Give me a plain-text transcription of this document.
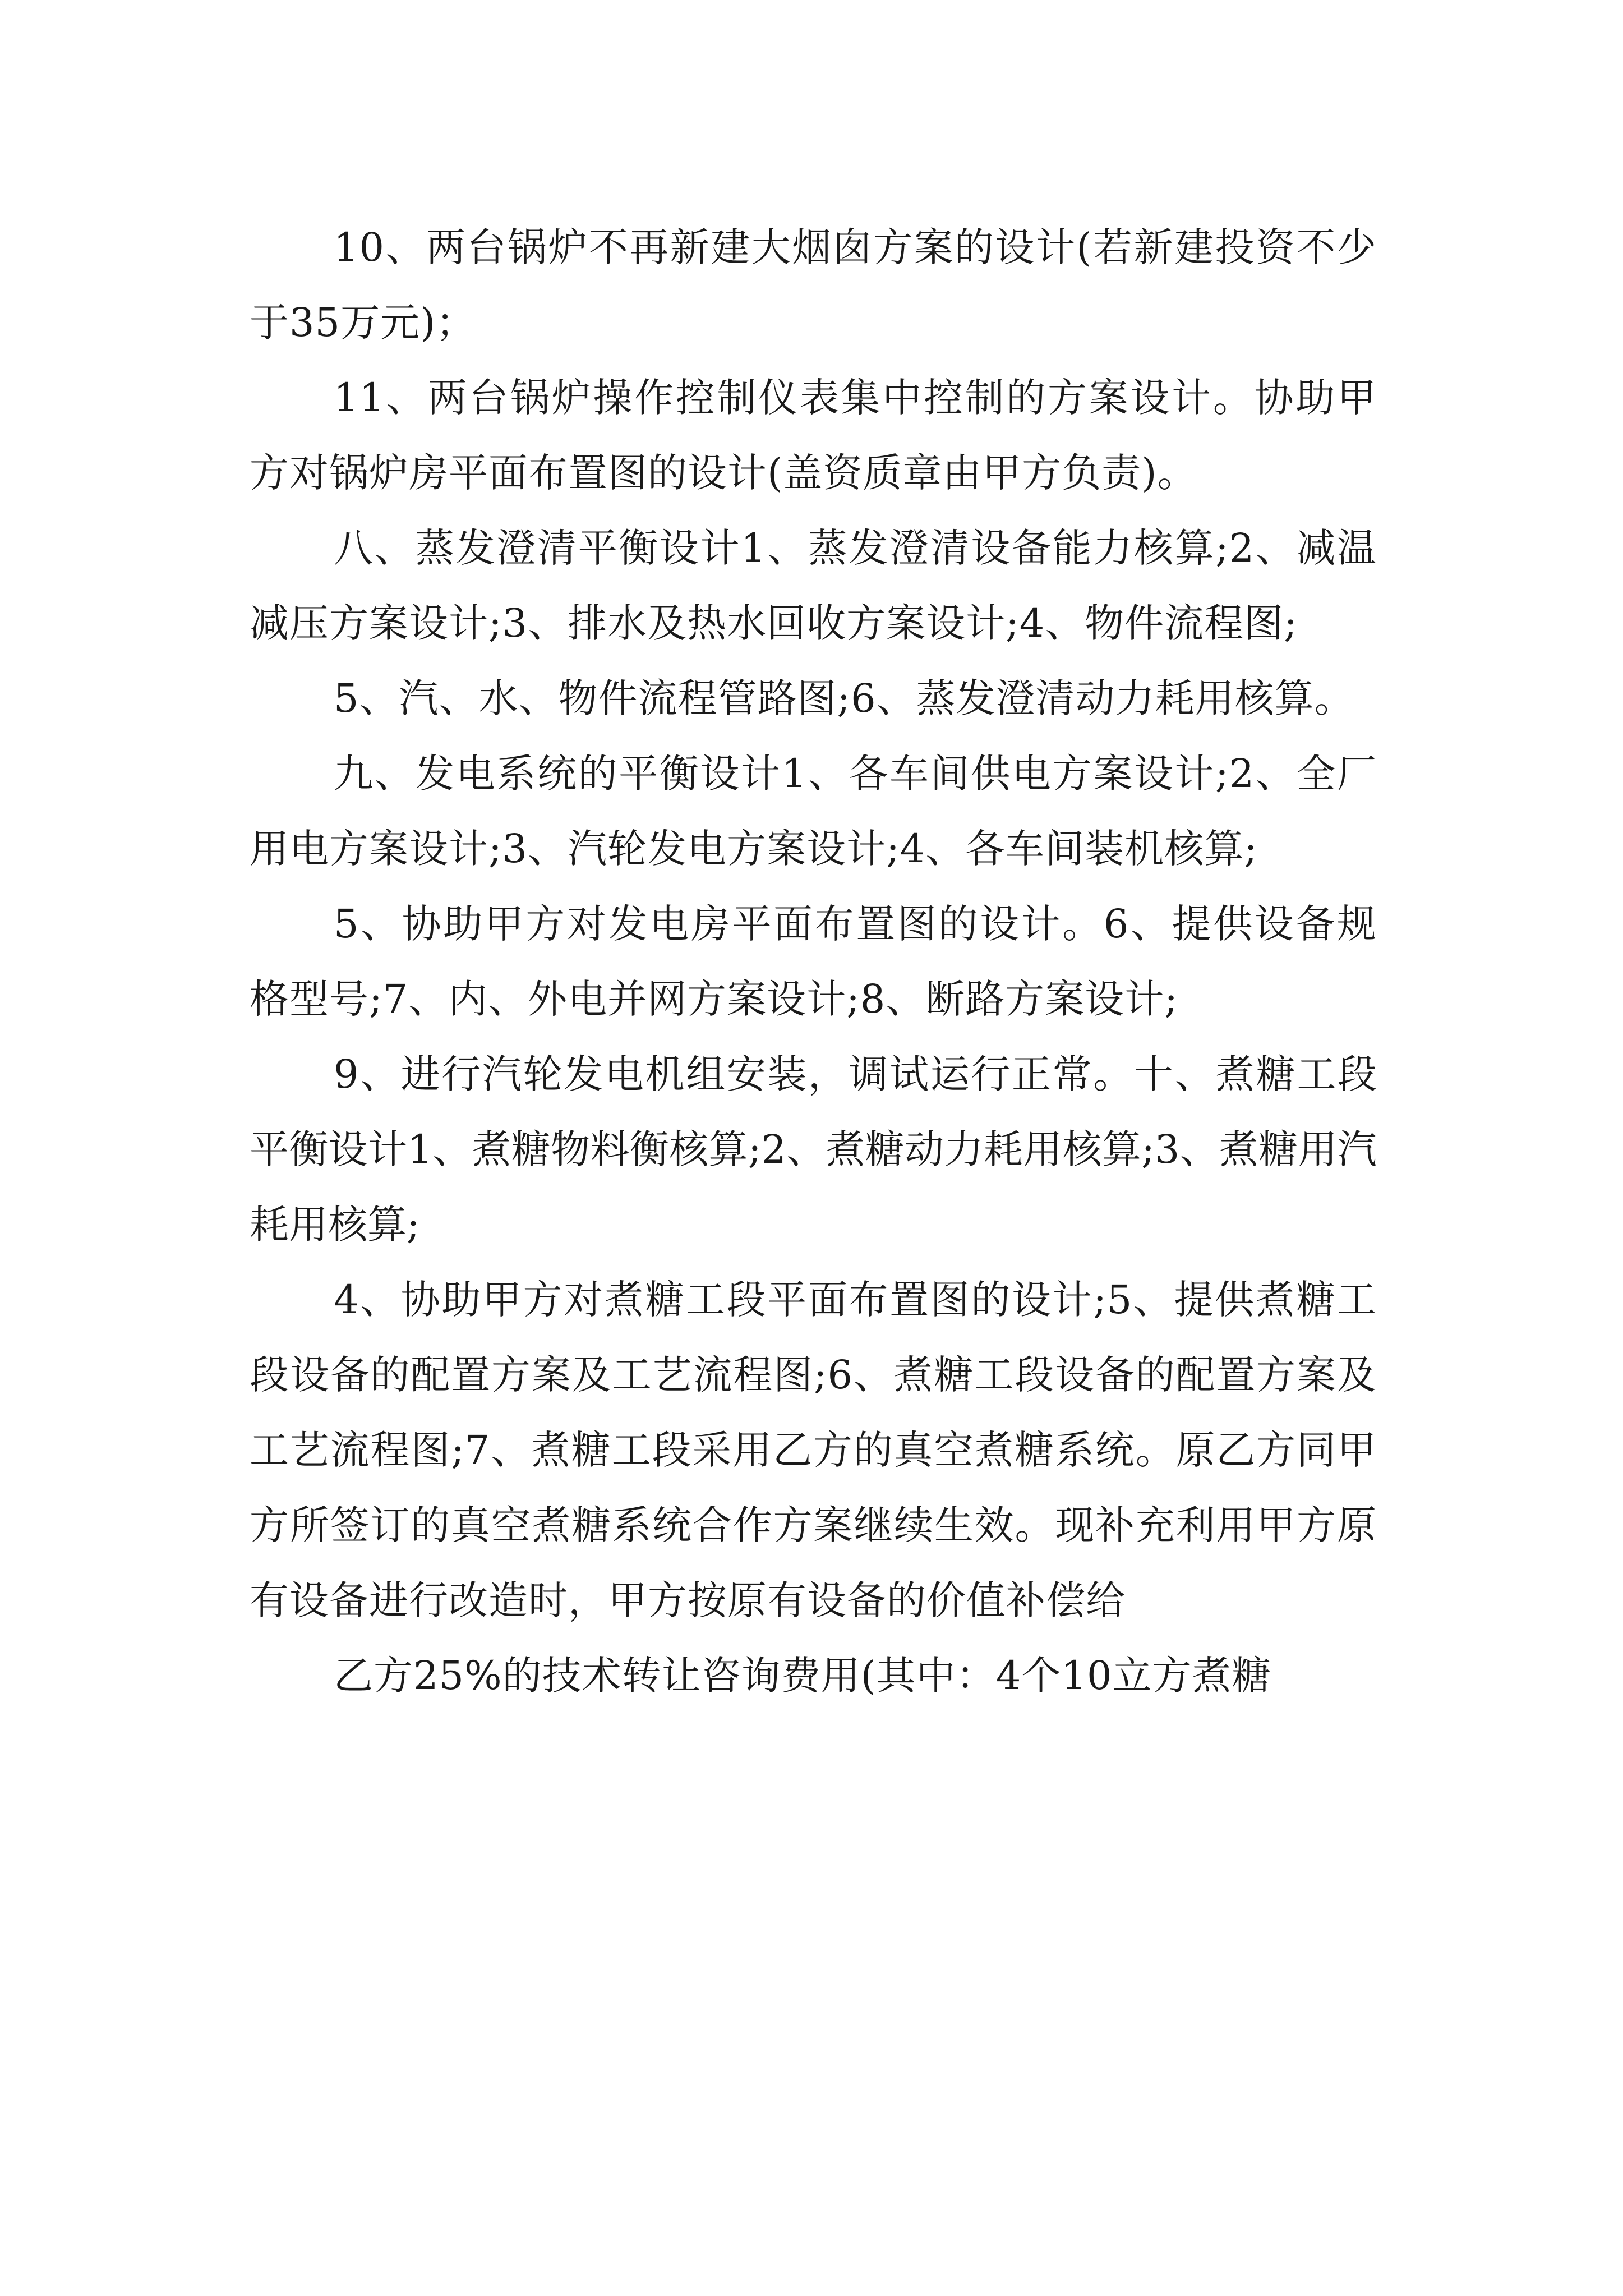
10、两台锅炉不再新建大烟囱方案的设计(若新建投资不少于35万元)；

11、两台锅炉操作控制仪表集中控制的方案设计。协助甲方对锅炉房平面布置图的设计(盖资质章由甲方负责)。

八、蒸发澄清平衡设计1、蒸发澄清设备能力核算;2、减温减压方案设计;3、排水及热水回收方案设计;4、物件流程图;

5、汽、水、物件流程管路图;6、蒸发澄清动力耗用核算。

九、发电系统的平衡设计1、各车间供电方案设计;2、全厂用电方案设计;3、汽轮发电方案设计;4、各车间装机核算;

5、协助甲方对发电房平面布置图的设计。6、提供设备规格型号;7、内、外电并网方案设计;8、断路方案设计;

9、进行汽轮发电机组安装，调试运行正常。十、煮糖工段平衡设计1、煮糖物料衡核算;2、煮糖动力耗用核算;3、煮糖用汽耗用核算;

4、协助甲方对煮糖工段平面布置图的设计;5、提供煮糖工段设备的配置方案及工艺流程图;6、煮糖工段设备的配置方案及工艺流程图;7、煮糖工段采用乙方的真空煮糖系统。原乙方同甲方所签订的真空煮糖系统合作方案继续生效。现补充利用甲方原有设备进行改造时，甲方按原有设备的价值补偿给

乙方25%的技术转让咨询费用(其中：4个10立方煮糖
